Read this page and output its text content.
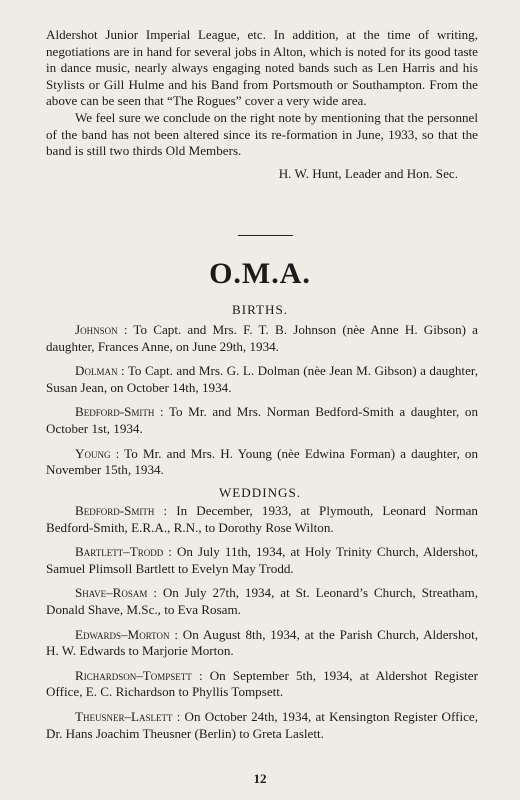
Aldershot Junior Imperial League, etc. In addition, at the time of writing, negotiations are in hand for several jobs in Alton, which is noted for its good taste in dance music, nearly always engaging noted bands such as Len Harris and his Stylists or Gill Hulme and his Band from Portsmouth or Southampton. From the above can be seen that “The Rogues” cover a very wide area.

We feel sure we conclude on the right note by mentioning that the personnel of the band has not been altered since its re-formation in June, 1933, so that the band is still two thirds Old Members.

H. W. Hunt, Leader and Hon. Sec.
O.M.A.
BIRTHS.

Johnson : To Capt. and Mrs. F. T. B. Johnson (nèe Anne H. Gibson) a daughter, Frances Anne, on June 29th, 1934.

Dolman : To Capt. and Mrs. G. L. Dolman (nèe Jean M. Gibson) a daughter, Susan Jean, on October 14th, 1934.

Bedford-Smith : To Mr. and Mrs. Norman Bedford-Smith a daughter, on October 1st, 1934.

Young : To Mr. and Mrs. H. Young (nèe Edwina Forman) a daughter, on November 15th, 1934.

WEDDINGS.

Bedford-Smith : In December, 1933, at Plymouth, Leonard Norman Bedford-Smith, E.R.A., R.N., to Dorothy Rose Wilton.

Bartlett–Trodd : On July 11th, 1934, at Holy Trinity Church, Aldershot, Samuel Plimsoll Bartlett to Evelyn May Trodd.

Shave–Rosam : On July 27th, 1934, at St. Leonard’s Church, Streatham, Donald Shave, M.Sc., to Eva Rosam.

Edwards–Morton : On August 8th, 1934, at the Parish Church, Aldershot, H. W. Edwards to Marjorie Morton.

Richardson–Tompsett : On September 5th, 1934, at Aldershot Register Office, E. C. Richardson to Phyllis Tompsett.

Theusner–Laslett : On October 24th, 1934, at Kensington Register Office, Dr. Hans Joachim Theusner (Berlin) to Greta Laslett.

12
